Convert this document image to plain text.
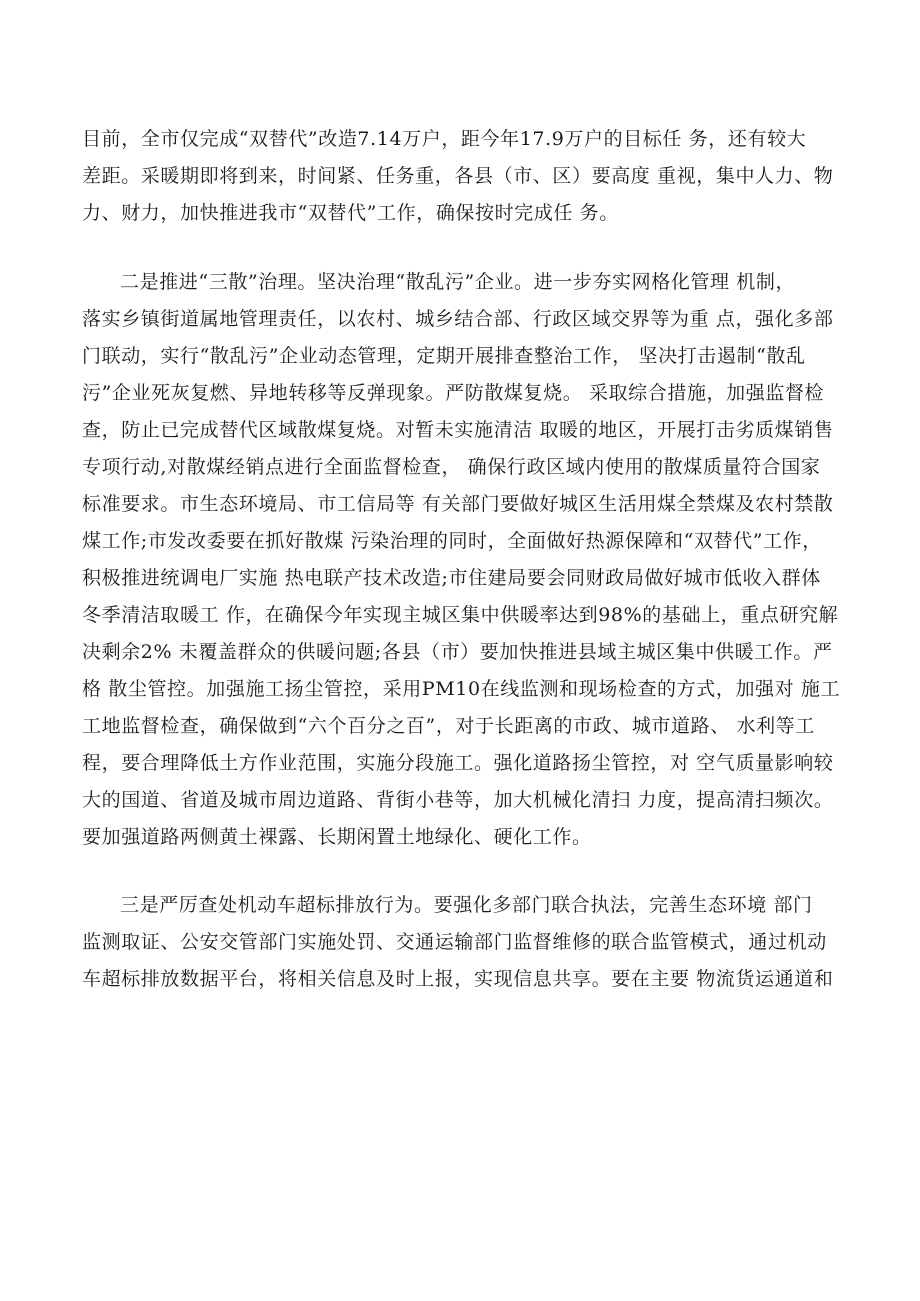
目前，全市仅完成“双替代”改造7.14万户，距今年17.9万户的目标任 务，还有较大
差距。采暖期即将到来，时间紧、任务重，各县（市、区）要高度 重视，集中人力、物
力、财力，加快推进我市“双替代”工作，确保按时完成任 务。
二是推进“三散”治理。坚决治理“散乱污”企业。进一步夯实网格化管理 机制，
落实乡镇街道属地管理责任，以农村、城乡结合部、行政区域交界等为重 点，强化多部
门联动，实行“散乱污”企业动态管理，定期开展排查整治工作， 坚决打击遏制“散乱
污”企业死灰复燃、异地转移等反弹现象。严防散煤复烧。 采取综合措施，加强监督检
查，防止已完成替代区域散煤复烧。对暂未实施清洁 取暖的地区，开展打击劣质煤销售
专项行动,对散煤经销点进行全面监督检查， 确保行政区域内使用的散煤质量符合国家
标准要求。市生态环境局、市工信局等 有关部门要做好城区生活用煤全禁煤及农村禁散
煤工作;市发改委要在抓好散煤 污染治理的同时，全面做好热源保障和“双替代”工作，
积极推进统调电厂实施 热电联产技术改造;市住建局要会同财政局做好城市低收入群体
冬季清洁取暖工 作，在确保今年实现主城区集中供暖率达到98%的基础上，重点研究解
决剩余2% 未覆盖群众的供暖问题;各县（市）要加快推进县域主城区集中供暖工作。严
格 散尘管控。加强施工扬尘管控，采用PM10在线监测和现场检查的方式，加强对 施工
工地监督检查，确保做到“六个百分之百”，对于长距离的市政、城市道路、 水利等工
程，要合理降低土方作业范围，实施分段施工。强化道路扬尘管控，对 空气质量影响较
大的国道、省道及城市周边道路、背街小巷等，加大机械化清扫 力度，提高清扫频次。
要加强道路两侧黄土裸露、长期闲置土地绿化、硬化工作。
三是严厉查处机动车超标排放行为。要强化多部门联合执法，完善生态环境 部门
监测取证、公安交管部门实施处罚、交通运输部门监督维修的联合监管模式，通过机动
车超标排放数据平台，将相关信息及时上报，实现信息共享。要在主要 物流货运通道和
